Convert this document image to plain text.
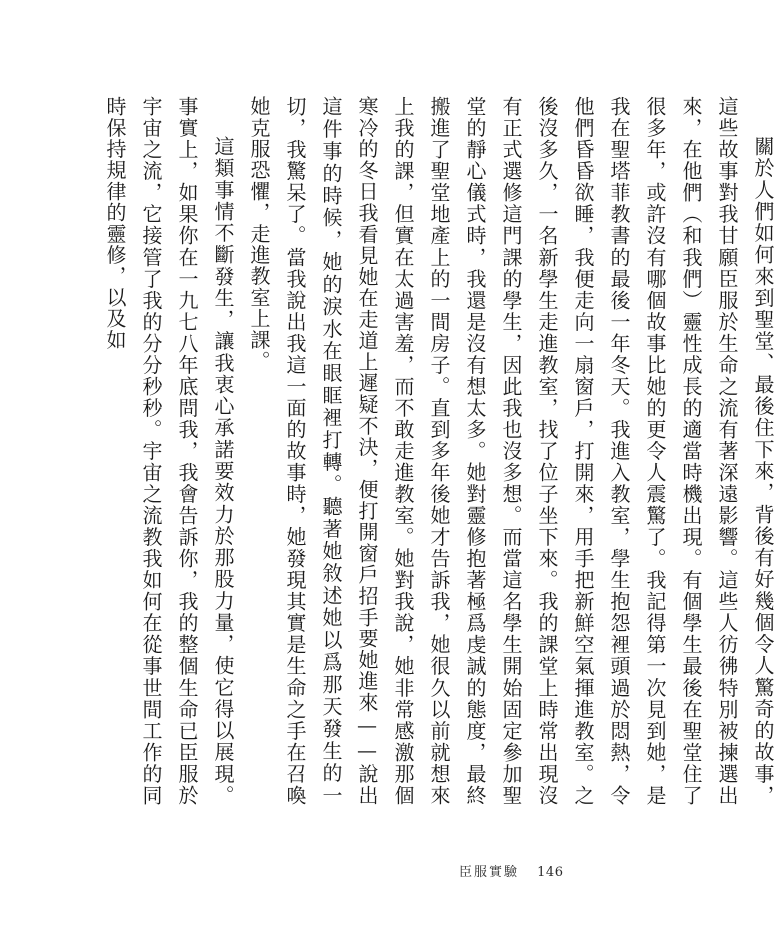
關於人們如何來到聖堂、最後住下來，背後有好幾個令人驚奇的故事，這些故事對我甘願臣服於生命之流有著深遠影響。這些人彷彿特別被揀選出來，在他們（和我們）靈性成長的適當時機出現。有個學生最後在聖堂住了很多年，或許沒有哪個故事比她的更令人震驚了。我記得第一次見到她，是我在聖塔菲教書的最後一年冬天。我進入教室，學生抱怨裡頭過於悶熱，令他們昏昏欲睡，我便走向一扇窗戶，打開來，用手把新鮮空氣揮進教室。之後沒多久，一名新學生走進教室，找了位子坐下來。我的課堂上時常出現沒有正式選修這門課的學生，因此我也沒多想。而當這名學生開始固定參加聖堂的靜心儀式時，我還是沒有想太多。她對靈修抱著極爲虔誠的態度，最終搬進了聖堂地產上的一間房子。直到多年後她才告訴我，她很久以前就想來上我的課，但實在太過害羞，而不敢走進教室。她對我說，她非常感激那個寒冷的冬日我看見她在走道上遲疑不決，便打開窗戶招手要她進來——說出這件事的時候，她的淚水在眼眶裡打轉。聽著她敘述她以爲那天發生的一切，我驚呆了。當我說出我這一面的故事時，她發現其實是生命之手在召喚她克服恐懼，走進教室上課。

這類事情不斷發生，讓我衷心承諾要效力於那股力量，使它得以展現。事實上，如果你在一九七八年底問我，我會告訴你，我的整個生命已臣服於宇宙之流，它接管了我的分分秒秒。宇宙之流教我如何在從事世間工作的同時保持規律的靈修，以及如

臣服實驗 146
